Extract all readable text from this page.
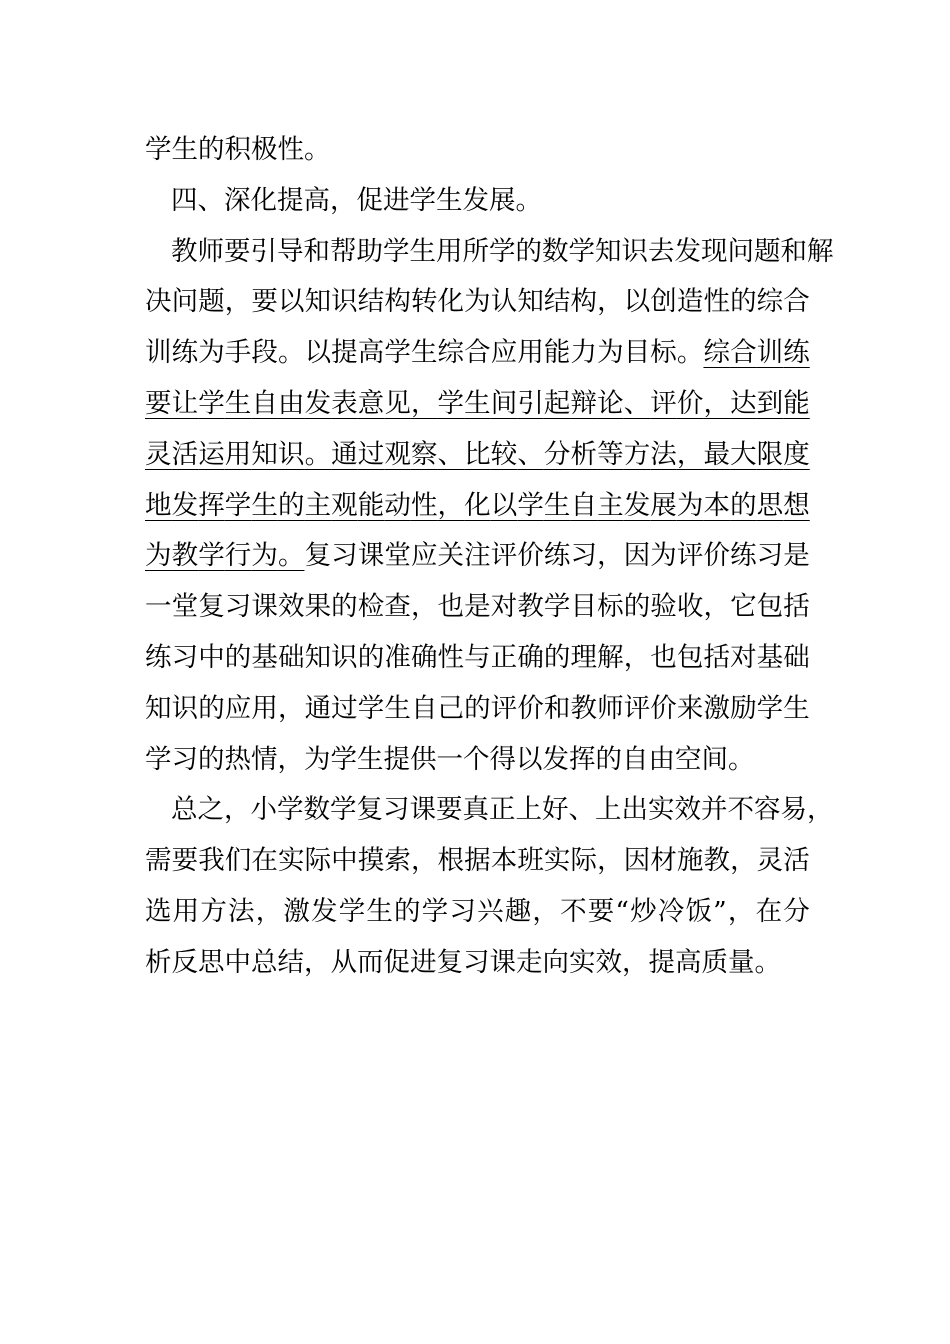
学 生 的 积 极 性 。
四 、 深 化 提 高 ， 促 进 学 生 发 展 。
教 师 要 引 导 和 帮 助 学 生 用 所 学 的 数 学 知 识 去 发 现 问 题 和 解
决 问 题 ， 要 以 知 识 结 构 转 化 为 认 知 结 构 ， 以 创 造 性 的 综 合
训 练 为 手 段 。 以 提 高 学 生 综 合 应 用 能 力 为 目 标 。 综 合 训 练
要 让 学 生 自 由 发 表 意 见 ， 学 生 间 引 起 辩 论 、 评 价 ， 达 到 能
灵 活 运 用 知 识 。 通 过 观 察 、 比 较 、 分 析 等 方 法 ， 最 大 限 度
地 发 挥 学 生 的 主 观 能 动 性 ， 化 以 学 生 自 主 发 展 为 本 的 思 想
为 教 学 行 为 。 复 习 课 堂 应 关 注 评 价 练 习 ， 因 为 评 价 练 习 是
一 堂 复 习 课 效 果 的 检 查 ， 也 是 对 教 学 目 标 的 验 收 ， 它 包 括
练 习 中 的 基 础 知 识 的 准 确 性 与 正 确 的 理 解 ， 也 包 括 对 基 础
知 识 的 应 用 ， 通 过 学 生 自 己 的 评 价 和 教 师 评 价 来 激 励 学 生
学 习 的 热 情 ， 为 学 生 提 供 一 个 得 以 发 挥 的 自 由 空 间 。
总 之 ， 小 学 数 学 复 习 课 要 真 正 上 好 、 上 出 实 效 并 不 容 易 ，
需 要 我 们 在 实 际 中 摸 索 ， 根 据 本 班 实 际 ， 因 材 施 教 ， 灵 活
选 用 方 法 ， 激 发 学 生 的 学 习 兴 趣 ， 不 要 “ 炒 冷 饭 ” ， 在 分
析 反 思 中 总 结 ， 从 而 促 进 复 习 课 走 向 实 效 ， 提 高 质 量 。
